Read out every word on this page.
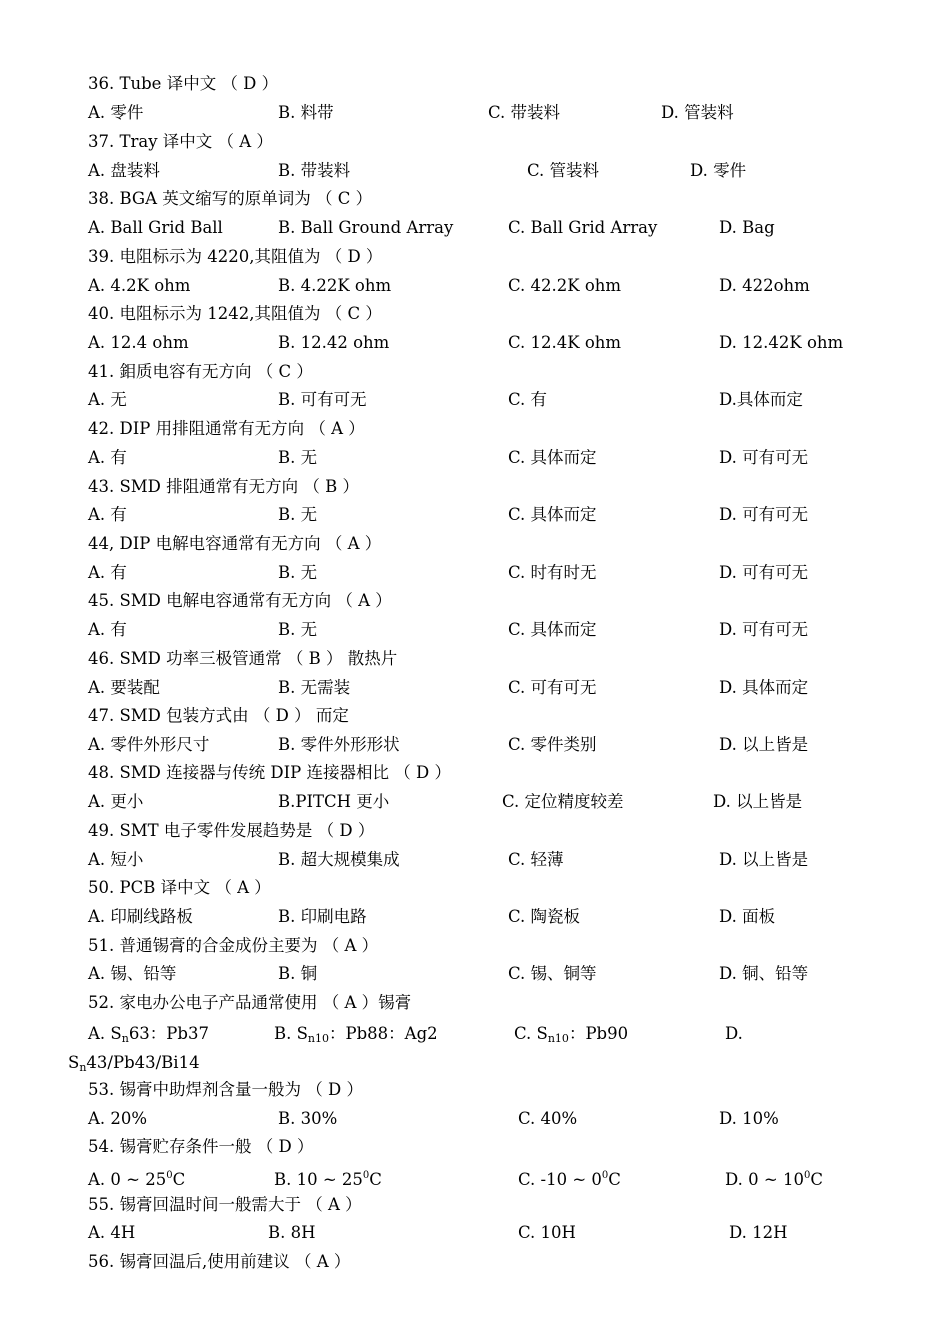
36. Tube 译中文 （ D ）
A. 零件	B. 料带	C. 带装料	D. 管装料
37. Tray 译中文 （ A ）
A. 盘装料	B. 带装料	C. 管装料	D. 零件
38. BGA 英文缩写的原单词为 （ C ）
A. Ball Grid Ball	B. Ball Ground Array	C. Ball Grid Array	D. Bag
39. 电阻标示为 4220,其阻值为 （ D ）
A. 4.2K ohm	B. 4.22K ohm	C. 42.2K ohm	D. 422ohm
40. 电阻标示为 1242,其阻值为 （ C ）
A. 12.4 ohm	B. 12.42 ohm	C. 12.4K ohm	D. 12.42K ohm
41. 鉬质电容有无方向 （ C ）
A. 无	B. 可有可无	C. 有	D.具体而定
42. DIP 用排阻通常有无方向 （ A ）
A. 有	B. 无	C. 具体而定	D. 可有可无
43. SMD 排阻通常有无方向 （ B ）
A. 有	B. 无	C. 具体而定	D. 可有可无
44, DIP 电解电容通常有无方向 （ A ）
A. 有	B. 无	C. 时有时无	D. 可有可无
45. SMD 电解电容通常有无方向 （ A ）
A. 有	B. 无	C. 具体而定	D. 可有可无
46. SMD 功率三极管通常 （ B ） 散热片
A. 要装配	B. 无需装	C. 可有可无	D. 具体而定
47. SMD 包装方式由 （ D ） 而定
A. 零件外形尺寸	B. 零件外形形状	C. 零件类别	D. 以上皆是
48. SMD 连接器与传统 DIP 连接器相比 （ D ）
A. 更小	B.PITCH 更小	C. 定位精度较差	D. 以上皆是
49. SMT 电子零件发展趋势是 （ D ）
A. 短小	B. 超大规模集成	C. 轻薄	D. 以上皆是
50. PCB 译中文 （ A ）
A. 印刷线路板	B. 印刷电路	C. 陶瓷板	D. 面板
51. 普通锡膏的合金成份主要为 （ A ）
A. 锡、铅等	B. 铜	C. 锡、铜等	D. 铜、铅等
52. 家电办公电子产品通常使用 （ A ）锡膏
A. $S_n63$：Pb37	B. $S_{n10}$：Pb88：Ag2	C. $S_{n10}$：Pb90	D.
$S_n43/Pb43/Bi14$
53. 锡膏中助焊剂含量一般为 （ D ）
A. 20%	B. 30%	C. 40%	D. 10%
54. 锡膏贮存条件一般 （ D ）
A. 0 ~ $25^0C$	B. 10 ~ $25^0C$	C. -10 ~ $0^0C$	D. 0 ~ $10^0C$
55. 锡膏回温时间一般需大于 （ A ）
A. 4H	B. 8H	C. 10H	D. 12H
56. 锡膏回温后,使用前建议 （ A ）
